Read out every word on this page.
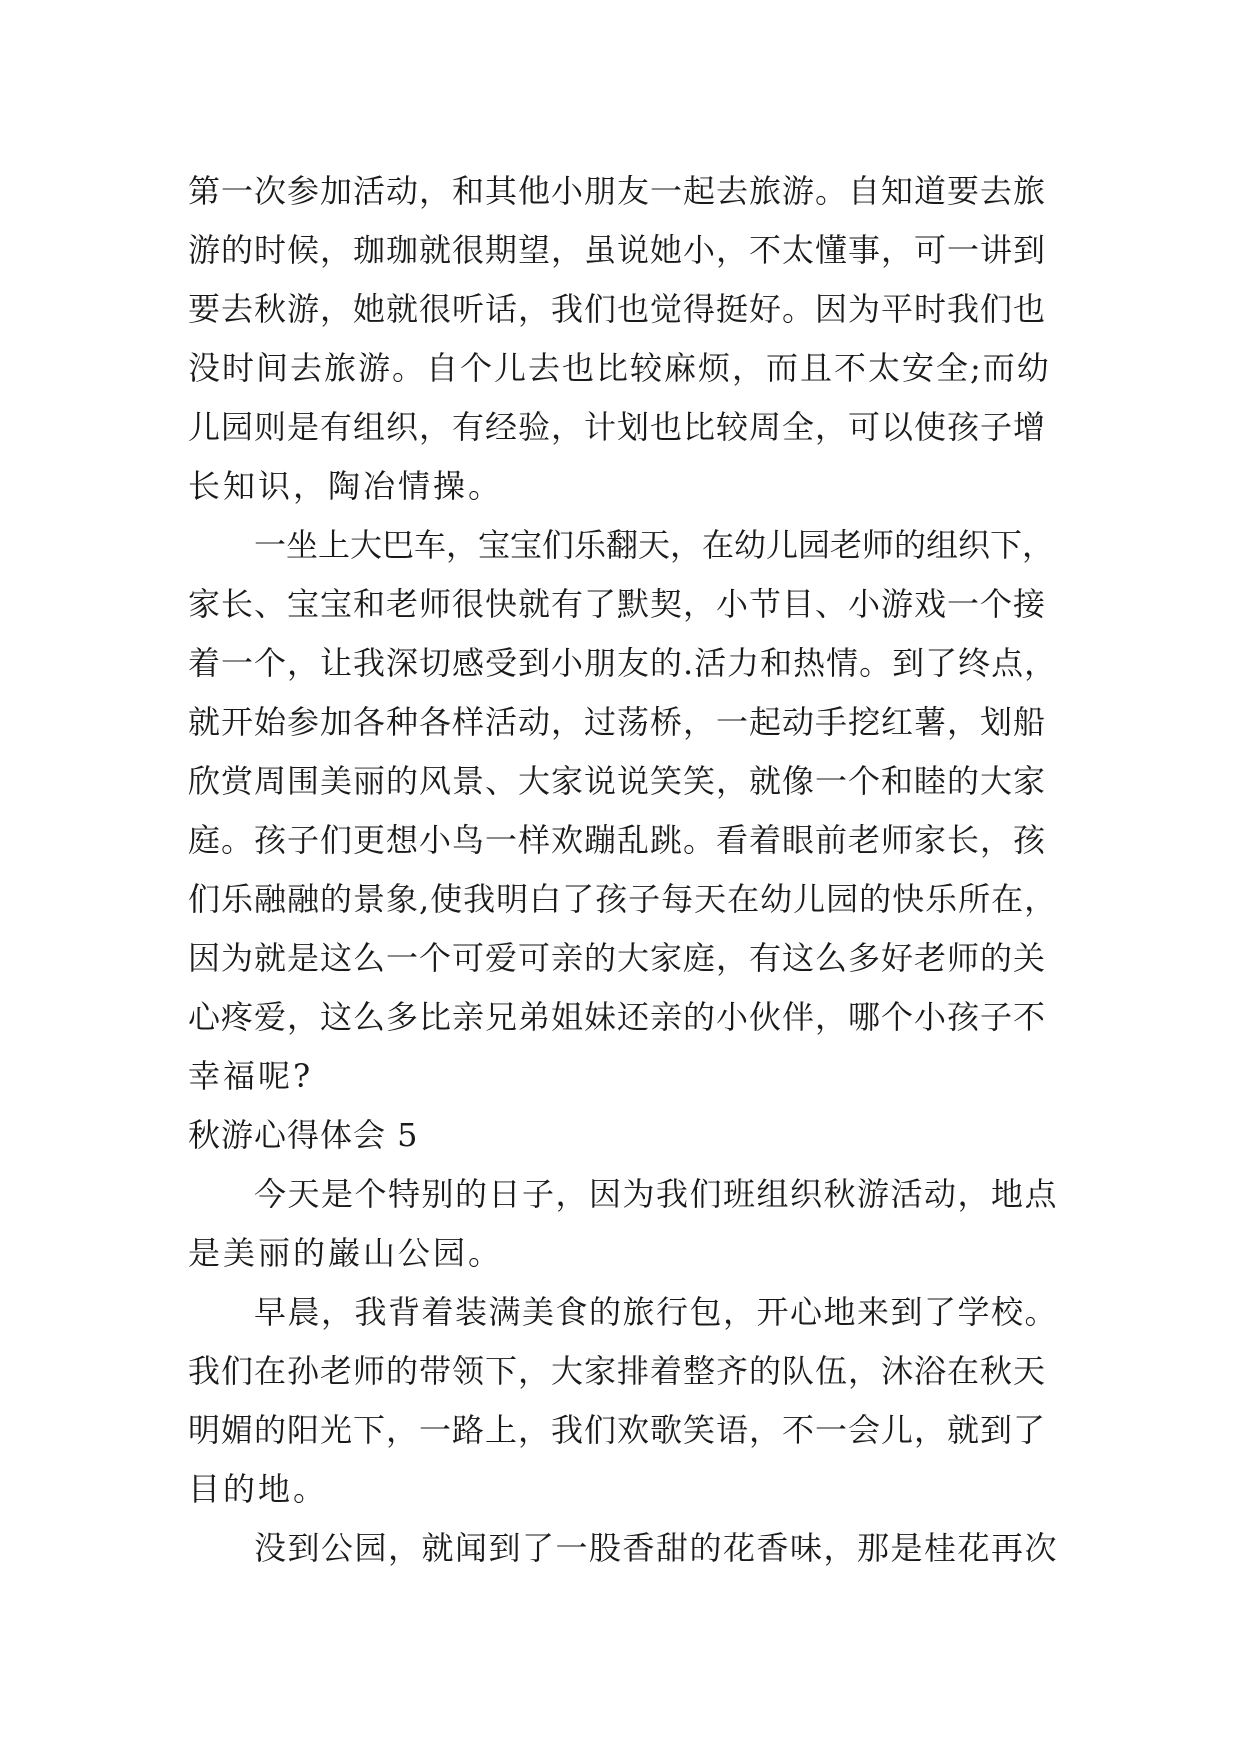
第一次参加活动，和其他小朋友一起去旅游。自知道要去旅
游的时候，珈珈就很期望，虽说她小，不太懂事，可一讲到
要去秋游，她就很听话，我们也觉得挺好。因为平时我们也
没时间去旅游。自个儿去也比较麻烦，而且不太安全;而幼
儿园则是有组织，有经验，计划也比较周全，可以使孩子增
长知识，陶冶情操。
一坐上大巴车，宝宝们乐翻天，在幼儿园老师的组织下，
家长、宝宝和老师很快就有了默契，小节目、小游戏一个接
着一个，让我深切感受到小朋友的.活力和热情。到了终点，
就开始参加各种各样活动，过荡桥，一起动手挖红薯，划船
欣赏周围美丽的风景、大家说说笑笑，就像一个和睦的大家
庭。孩子们更想小鸟一样欢蹦乱跳。看着眼前老师家长，孩
们乐融融的景象,使我明白了孩子每天在幼儿园的快乐所在，
因为就是这么一个可爱可亲的大家庭，有这么多好老师的关
心疼爱，这么多比亲兄弟姐妹还亲的小伙伴，哪个小孩子不
幸福呢?
秋游心得体会 5
今天是个特别的日子，因为我们班组织秋游活动，地点
是美丽的巌山公园。
早晨，我背着装满美食的旅行包，开心地来到了学校。
我们在孙老师的带领下，大家排着整齐的队伍，沐浴在秋天
明媚的阳光下，一路上，我们欢歌笑语，不一会儿，就到了
目的地。
没到公园，就闻到了一股香甜的花香味，那是桂花再次
